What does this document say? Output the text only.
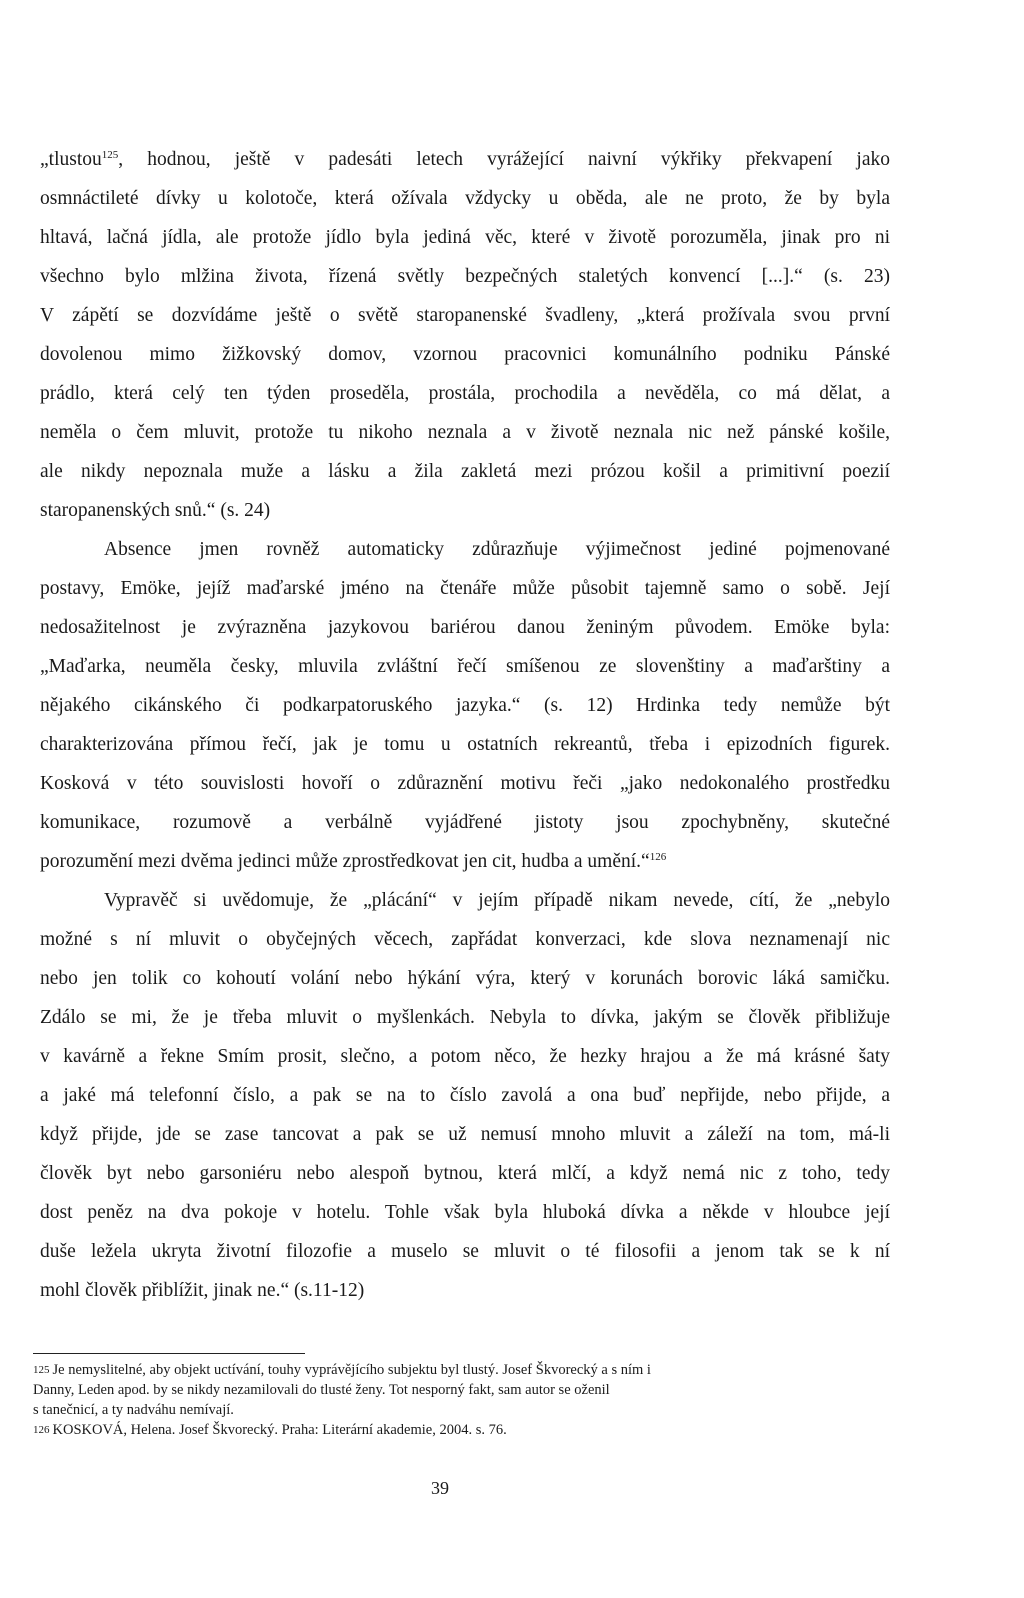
„tlustou$^{125}$, hodnou, ještě v padesáti letech vyrážející naivní výkřiky překvapení jako
osmnáctileté dívky u kolotoče, která ožívala vždycky u oběda, ale ne proto, že by byla
hltavá, lačná jídla, ale protože jídlo byla jediná věc, které v životě porozuměla, jinak pro ni
všechno bylo mlžina života, řízená světly bezpečných staletých konvencí [...].“ (s. 23)
V zápětí se dozvídáme ještě o světě staropanenské švadleny, „která prožívala svou první
dovolenou mimo žižkovský domov, vzornou pracovnici komunálního podniku Pánské
prádlo, která celý ten týden proseděla, prostála, prochodila a nevěděla, co má dělat, a
neměla o čem mluvit, protože tu nikoho neznala a v životě neznala nic než pánské košile,
ale nikdy nepoznala muže a lásku a žila zakletá mezi prózou košil a primitivní poezií
staropanenských snů.“ (s. 24)
Absence jmen rovněž automaticky zdůrazňuje výjimečnost jediné pojmenované
postavy, Emöke, jejíž maďarské jméno na čtenáře může působit tajemně samo o sobě. Její
nedosažitelnost je zvýrazněna jazykovou bariérou danou ženiným původem. Emöke byla:
„Maďarka, neuměla česky, mluvila zvláštní řečí smíšenou ze slovenštiny a maďarštiny a
nějakého cikánského či podkarpatoruského jazyka.“ (s. 12) Hrdinka tedy nemůže být
charakterizována přímou řečí, jak je tomu u ostatních rekreantů, třeba i epizodních figurek.
Kosková v této souvislosti hovoří o zdůraznění motivu řeči „jako nedokonalého prostředku
komunikace, rozumově a verbálně vyjádřené jistoty jsou zpochybněny, skutečné
porozumění mezi dvěma jedinci může zprostředkovat jen cit, hudba a umění.“$^{126}$
Vypravěč si uvědomuje, že „plácání“ v jejím případě nikam nevede, cítí, že „nebylo
možné s ní mluvit o obyčejných věcech, zapřádat konverzaci, kde slova neznamenají nic
nebo jen tolik co kohoutí volání nebo hýkání výra, který v korunách borovic láká samičku.
Zdálo se mi, že je třeba mluvit o myšlenkách. Nebyla to dívka, jakým se člověk přibližuje
v kavárně a řekne Smím prosit, slečno, a potom něco, že hezky hrajou a že má krásné šaty
a jaké má telefonní číslo, a pak se na to číslo zavolá a ona buď nepřijde, nebo přijde, a
když přijde, jde se zase tancovat a pak se už nemusí mnoho mluvit a záleží na tom, má-li
člověk byt nebo garsoniéru nebo alespoň bytnou, která mlčí, a když nemá nic z toho, tedy
dost peněz na dva pokoje v hotelu. Tohle však byla hluboká dívka a někde v hloubce její
duše ležela ukryta životní filozofie a muselo se mluvit o té filosofii a jenom tak se k ní
mohl člověk přiblížit, jinak ne.“ (s.11-12)
$^{125}$ Je nemyslitelné, aby objekt uctívání, touhy vyprávějícího subjektu byl tlustý. Josef Škvorecký a s ním i
Danny, Leden apod. by se nikdy nezamilovali do tlusté ženy. Tot nesporný fakt, sam autor se oženil
s tanečnicí, a ty nadváhu nemívají.
$^{126}$ KOSKOVÁ, Helena. Josef Škvorecký. Praha: Literární akademie, 2004. s. 76.
39
